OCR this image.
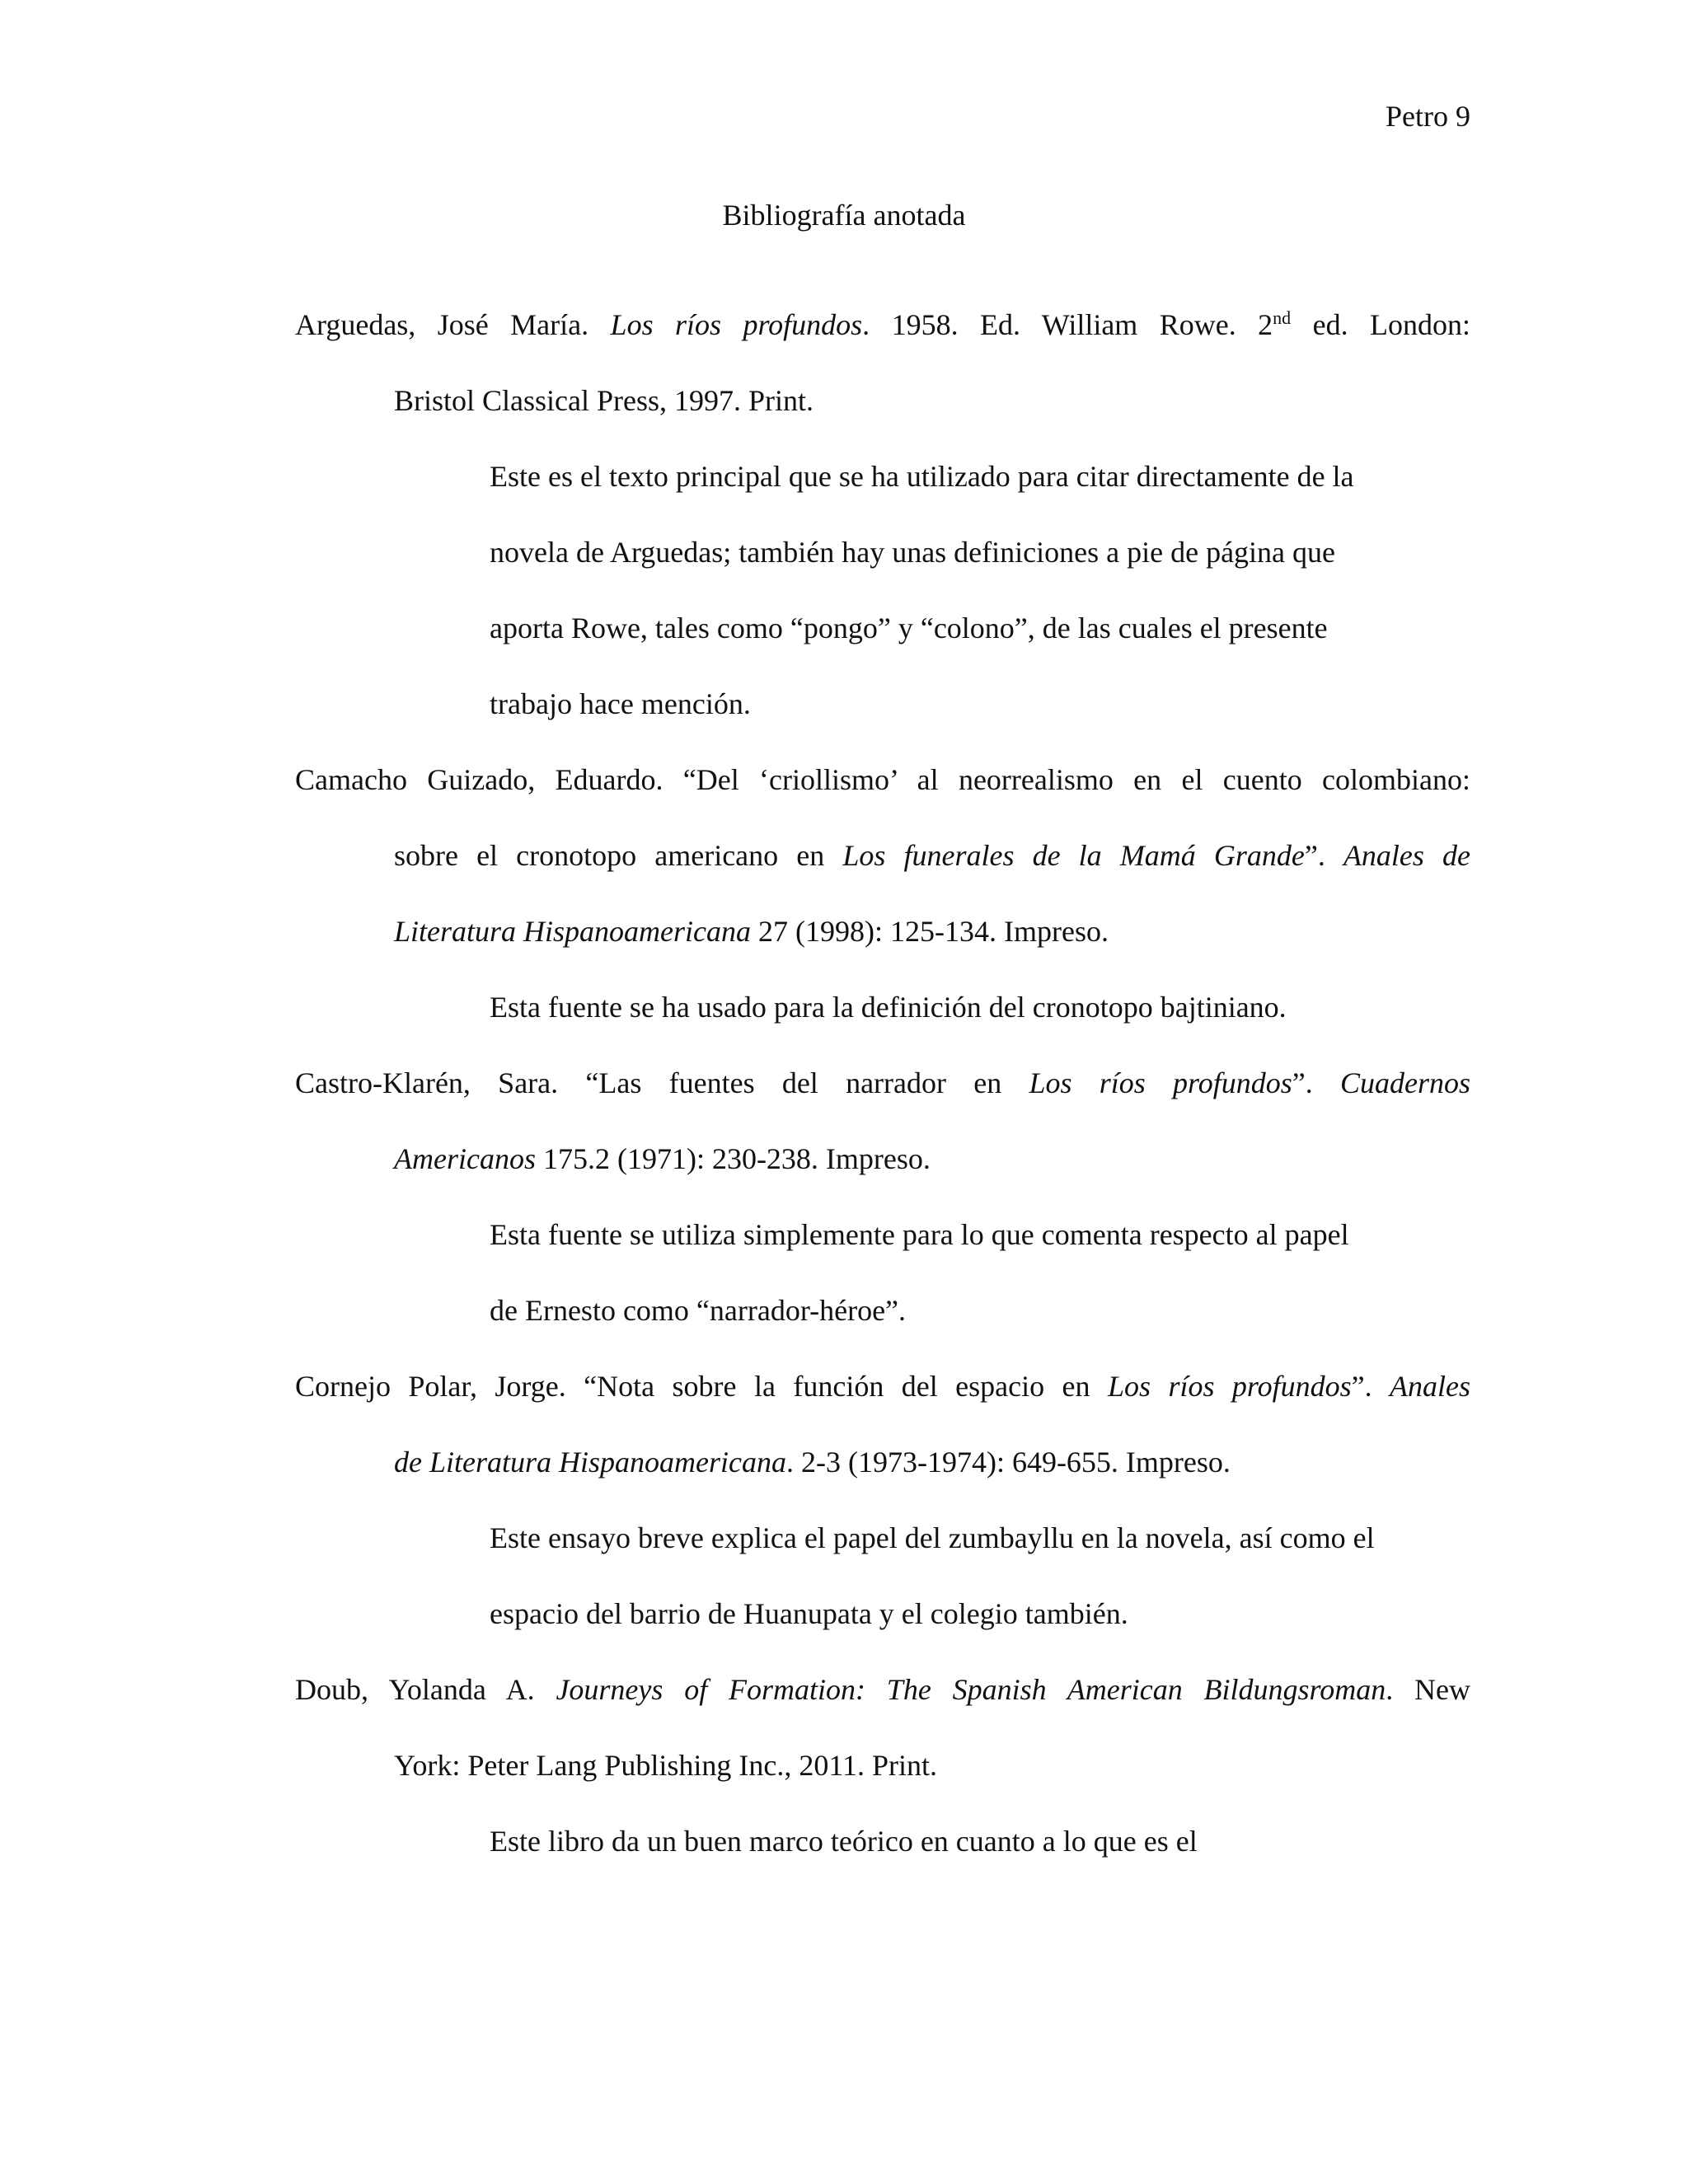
Petro 9
Bibliografía anotada
Arguedas, José María. Los ríos profundos. 1958. Ed. William Rowe. 2nd ed. London:
Bristol Classical Press, 1997. Print.
Este es el texto principal que se ha utilizado para citar directamente de la
novela de Arguedas; también hay unas definiciones a pie de página que
aporta Rowe, tales como “pongo” y “colono”, de las cuales el presente
trabajo hace mención.
Camacho Guizado, Eduardo. “Del ‘criollismo’ al neorrealismo en el cuento colombiano:
sobre el cronotopo americano en Los funerales de la Mamá Grande”. Anales de
Literatura Hispanoamericana 27 (1998): 125-134. Impreso.
Esta fuente se ha usado para la definición del cronotopo bajtiniano.
Castro-Klarén, Sara. “Las fuentes del narrador en Los ríos profundos”. Cuadernos
Americanos 175.2 (1971): 230-238. Impreso.
Esta fuente se utiliza simplemente para lo que comenta respecto al papel
de Ernesto como “narrador-héroe”.
Cornejo Polar, Jorge. “Nota sobre la función del espacio en Los ríos profundos”. Anales
de Literatura Hispanoamericana. 2-3 (1973-1974): 649-655. Impreso.
Este ensayo breve explica el papel del zumbayllu en la novela, así como el
espacio del barrio de Huanupata y el colegio también.
Doub, Yolanda A. Journeys of Formation: The Spanish American Bildungsroman. New
York: Peter Lang Publishing Inc., 2011. Print.
Este libro da un buen marco teórico en cuanto a lo que es el
